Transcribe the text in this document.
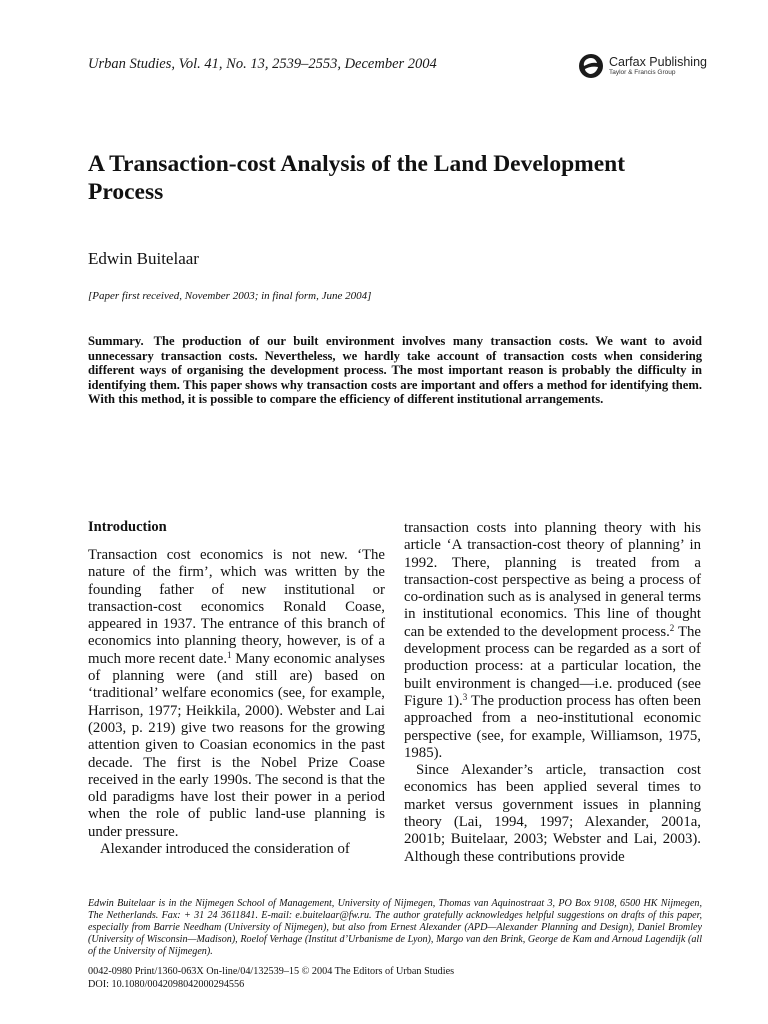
Urban Studies, Vol. 41, No. 13, 2539–2553, December 2004	Carfax Publishing
Taylor & Francis Group
A Transaction-cost Analysis of the Land Development Process
Edwin Buitelaar
[Paper first received, November 2003; in final form, June 2004]

Summary. The production of our built environment involves many transaction costs. We want to avoid unnecessary transaction costs. Nevertheless, we hardly take account of transaction costs when considering different ways of organising the development process. The most important reason is probably the difficulty in identifying them. This paper shows why transaction costs are important and offers a method for identifying them. With this method, it is possible to compare the efficiency of different institutional arrangements.

Introduction

Transaction cost economics is not new. ‘The nature of the firm’, which was written by the founding father of new institutional or transaction-cost economics Ronald Coase, appeared in 1937. The entrance of this branch of economics into planning theory, however, is of a much more recent date.$^1$ Many economic analyses of planning were (and still are) based on ‘traditional’ welfare economics (see, for example, Harrison, 1977; Heikkila, 2000). Webster and Lai (2003, p. 219) give two reasons for the growing attention given to Coasian economics in the past decade. The first is the Nobel Prize Coase received in the early 1990s. The second is that the old paradigms have lost their power in a period when the role of public land-use planning is under pressure.

Alexander introduced the consideration of

transaction costs into planning theory with his article ‘A transaction-cost theory of planning’ in 1992. There, planning is treated from a transaction-cost perspective as being a process of co-ordination such as is analysed in general terms in institutional economics. This line of thought can be extended to the development process.$^2$ The development process can be regarded as a sort of production process: at a particular location, the built environment is changed—i.e. produced (see Figure 1).$^3$ The production process has often been approached from a neo-institutional economic perspective (see, for example, Williamson, 1975, 1985).

Since Alexander’s article, transaction cost economics has been applied several times to market versus government issues in planning theory (Lai, 1994, 1997; Alexander, 2001a, 2001b; Buitelaar, 2003; Webster and Lai, 2003). Although these contributions provide

Edwin Buitelaar is in the Nijmegen School of Management, University of Nijmegen, Thomas van Aquinostraat 3, PO Box 9108, 6500 HK Nijmegen, The Netherlands. Fax: + 31 24 3611841. E-mail: e.buitelaar@fw.ru. The author gratefully acknowledges helpful suggestions on drafts of this paper, especially from Barrie Needham (University of Nijmegen), but also from Ernest Alexander (APD—Alexander Planning and Design), Daniel Bromley (University of Wisconsin—Madison), Roelof Verhage (Institut d’Urbanisme de Lyon), Margo van den Brink, George de Kam and Arnoud Lagendijk (all of the University of Nijmegen).

0042-0980 Print/1360-063X On-line/04/132539–15 © 2004 The Editors of Urban Studies
DOI: 10.1080/0042098042000294556
